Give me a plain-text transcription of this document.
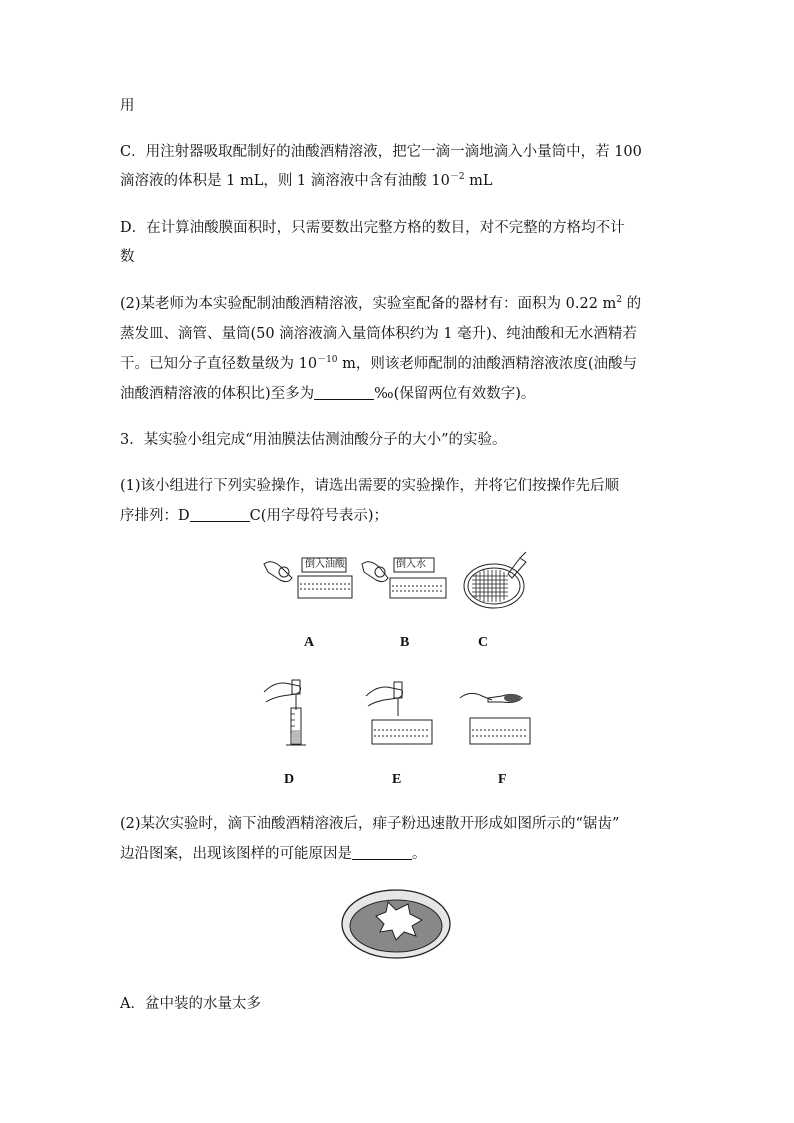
用
C．用注射器吸取配制好的油酸酒精溶液，把它一滴一滴地滴入小量筒中，若 100
滴溶液的体积是 1 mL，则 1 滴溶液中含有油酸 $10^{-2}$ mL
D．在计算油酸膜面积时，只需要数出完整方格的数目，对不完整的方格均不计
数
(2)某老师为本实验配制油酸酒精溶液，实验室配备的器材有：面积为 0.22 $m^2$ 的
蒸发皿、滴管、量筒(50 滴溶液滴入量筒体积约为 1 毫升)、纯油酸和无水酒精若
干。已知分子直径数量级为 $10^{-10}$ m，则该老师配制的油酸酒精溶液浓度(油酸与
油酸酒精溶液的体积比)至多为	‰(保留两位有效数字)。
3．某实验小组完成“用油膜法估测油酸分子的大小”的实验。
(1)该小组进行下列实验操作，请选出需要的实验操作，并将它们按操作先后顺
序排列：D	C(用字母符号表示)；
倒入油酸	倒入水
A	B	C
D	E	F
(2)某次实验时，滴下油酸酒精溶液后，痱子粉迅速散开形成如图所示的“锯齿”
边沿图案，出现该图样的可能原因是	。
A．盆中装的水量太多
